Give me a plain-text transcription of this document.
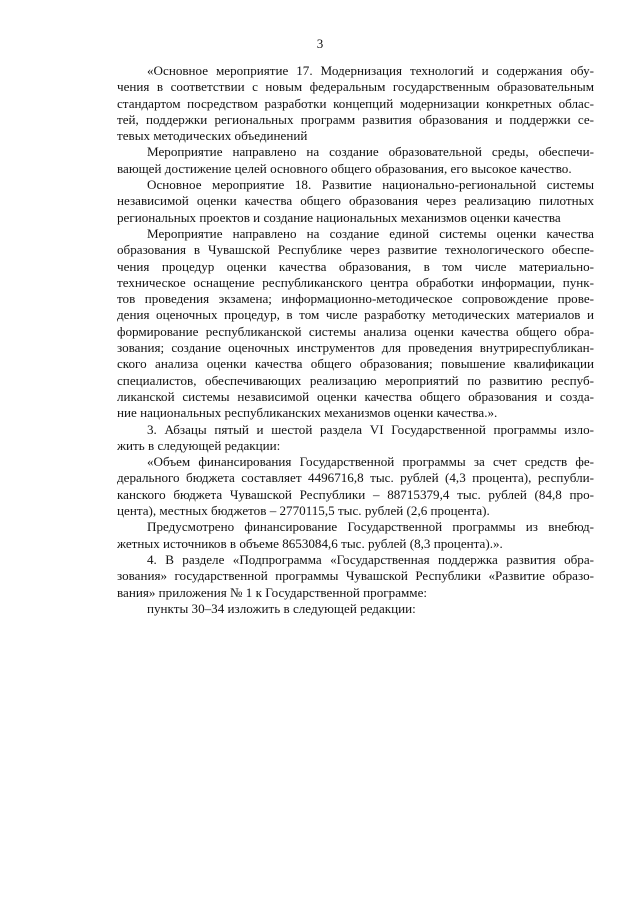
3
«Основное мероприятие 17. Модернизация технологий и содержания обу-
чения в соответствии с новым федеральным государственным образовательным
стандартом посредством разработки концепций модернизации конкретных облас-
тей, поддержки региональных программ развития образования и поддержки се-
тевых методических объединений
Мероприятие направлено на создание образовательной среды, обеспечи-
вающей достижение целей основного общего образования, его высокое качество.
Основное мероприятие 18. Развитие национально-региональной системы
независимой оценки качества общего образования через реализацию пилотных
региональных проектов и создание национальных механизмов оценки качества
Мероприятие направлено на создание единой системы оценки качества
образования в Чувашской Республике через развитие технологического обеспе-
чения процедур оценки качества образования, в том числе материально-
техническое оснащение республиканского центра обработки информации, пунк-
тов проведения экзамена; информационно-методическое сопровождение прове-
дения оценочных процедур, в том числе разработку методических материалов и
формирование республиканской системы анализа оценки качества общего обра-
зования; создание оценочных инструментов для проведения внутриреспубликан-
ского анализа оценки качества общего образования; повышение квалификации
специалистов, обеспечивающих реализацию мероприятий по развитию респуб-
ликанской системы независимой оценки качества общего образования и созда-
ние национальных республиканских механизмов оценки качества.».
3. Абзацы пятый и шестой раздела VI Государственной программы изло-
жить в следующей редакции:
«Объем финансирования Государственной программы за счет средств фе-
дерального бюджета составляет 4496716,8 тыс. рублей (4,3 процента), республи-
канского бюджета Чувашской Республики – 88715379,4 тыс. рублей (84,8 про-
цента), местных бюджетов – 2770115,5 тыс. рублей (2,6 процента).
Предусмотрено финансирование Государственной программы из внебюд-
жетных источников в объеме 8653084,6 тыс. рублей (8,3 процента).».
4. В разделе «Подпрограмма «Государственная поддержка развития обра-
зования» государственной программы Чувашской Республики «Развитие образо-
вания» приложения № 1 к Государственной программе:
пункты 30–34 изложить в следующей редакции:
